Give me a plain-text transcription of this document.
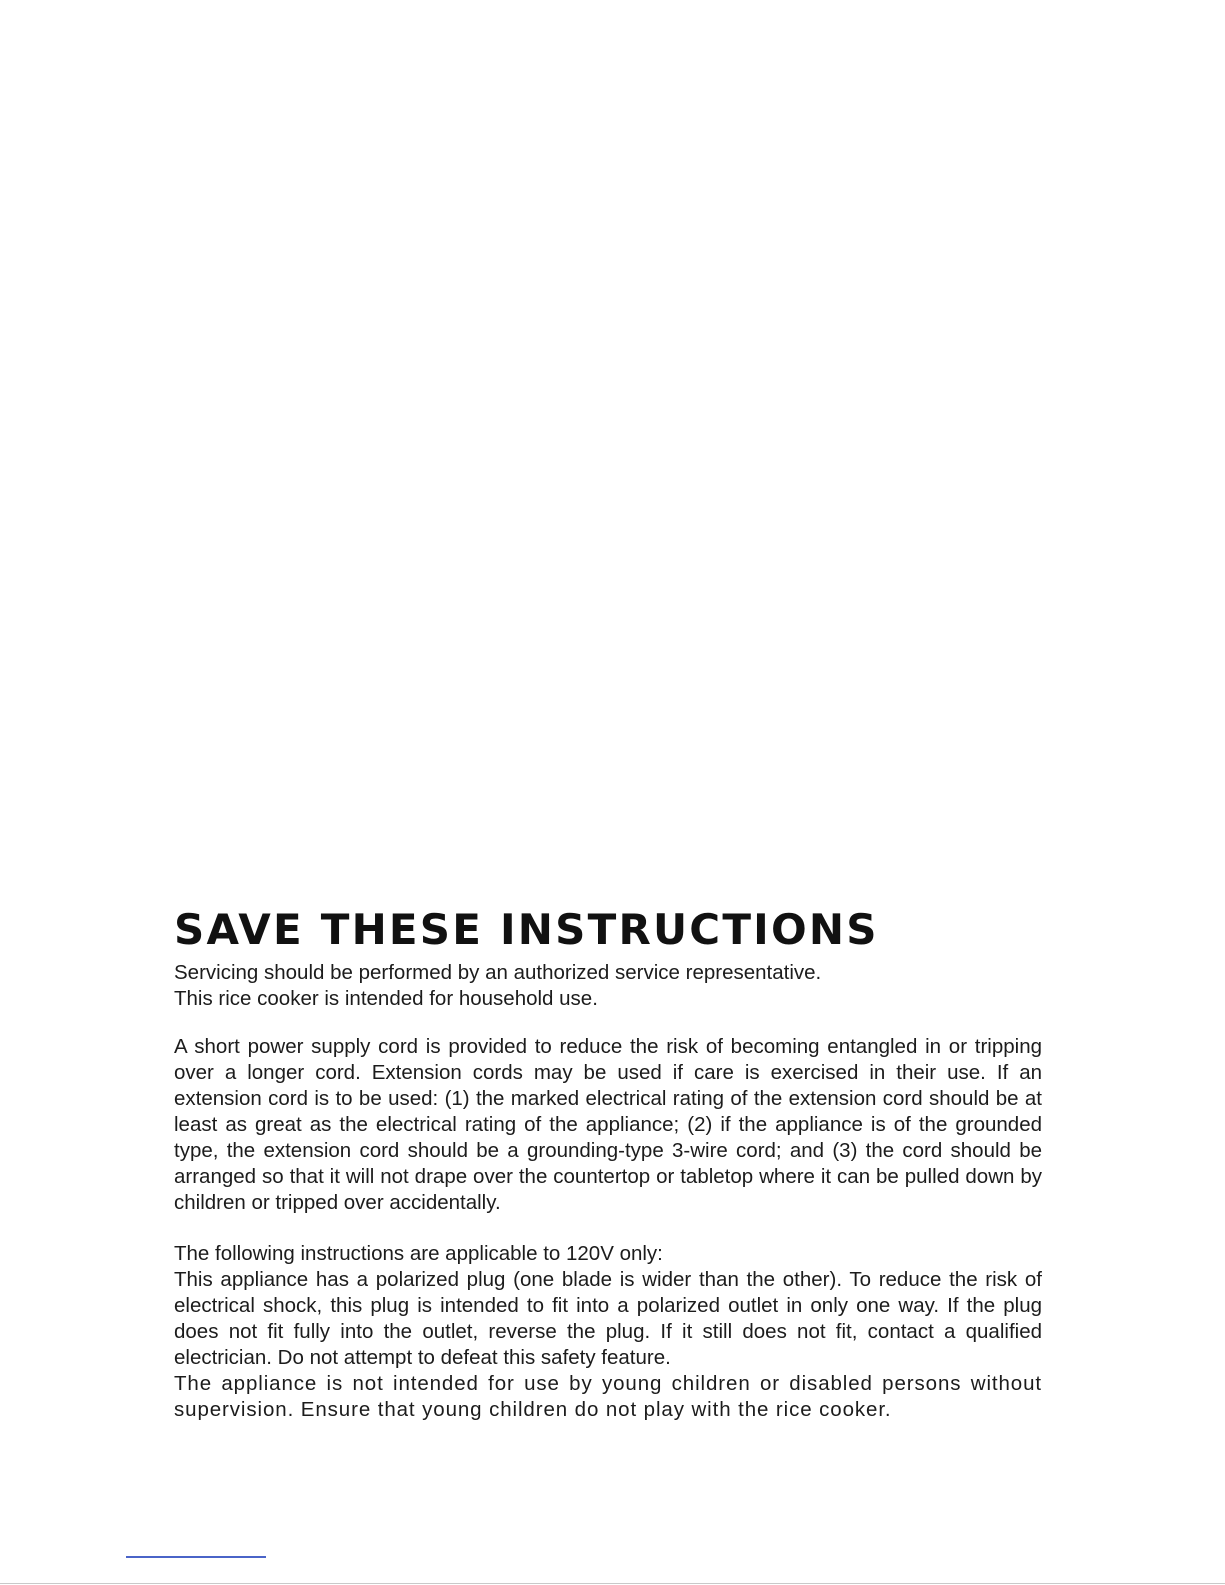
SAVE THESE INSTRUCTIONS
Servicing should be performed by an authorized service representative.
This rice cooker is intended for household use.

A short power supply cord is provided to reduce the risk of becoming entangled in or tripping over a longer cord. Extension cords may be used if care is exercised in their use. If an extension cord is to be used: (1) the marked electrical rating of the extension cord should be at least as great as the electrical rating of the appliance; (2) if the appliance is of the grounded type, the extension cord should be a grounding-type 3-wire cord; and (3) the cord should be arranged so that it will not drape over the countertop or tabletop where it can be pulled down by children or tripped over accidentally.

The following instructions are applicable to 120V only:

This appliance has a polarized plug (one blade is wider than the other). To reduce the risk of electrical shock, this plug is intended to fit into a polarized outlet in only one way. If the plug does not fit fully into the outlet, reverse the plug. If it still does not fit, contact a qualified electrician. Do not attempt to defeat this safety feature.

The appliance is not intended for use by young children or disabled persons without supervision. Ensure that young children do not play with the rice cooker.
